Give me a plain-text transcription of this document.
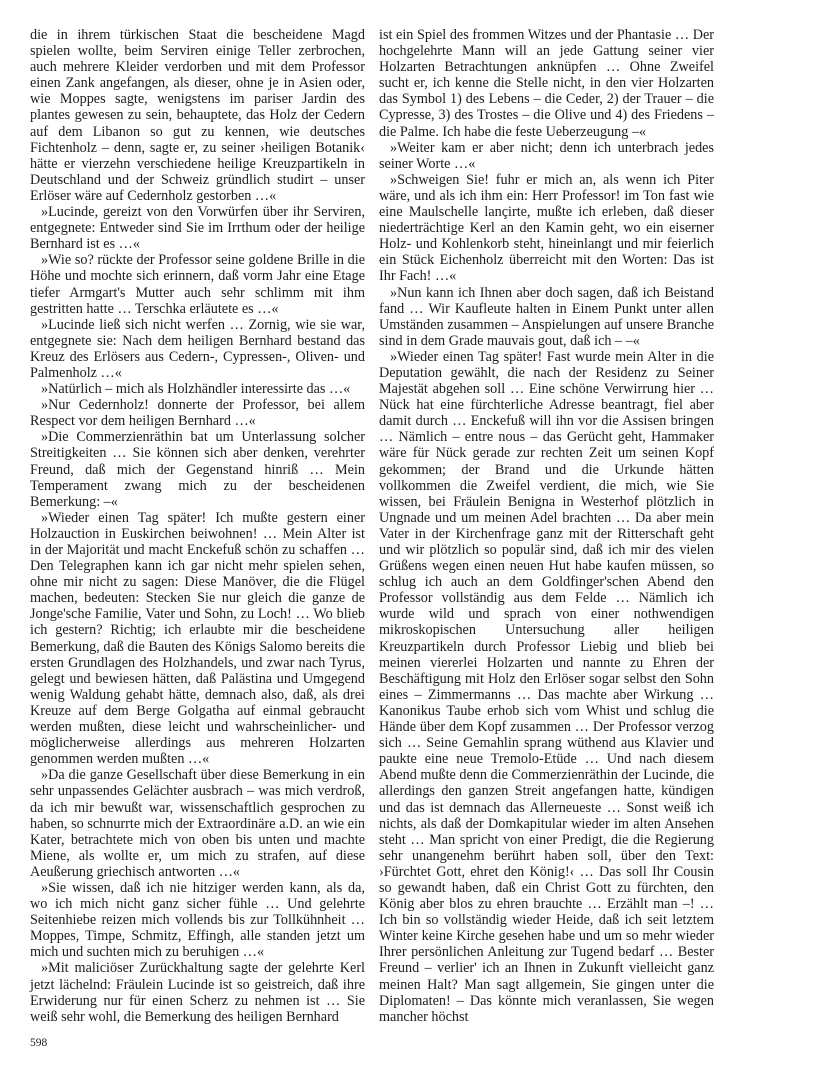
die in ihrem türkischen Staat die bescheidene Magd spielen wollte, beim Serviren einige Teller zerbrochen, auch mehrere Kleider verdorben und mit dem Professor einen Zank angefangen, als dieser, ohne je in Asien oder, wie Moppes sagte, wenigstens im pariser Jardin des plantes gewesen zu sein, behauptete, das Holz der Cedern auf dem Libanon so gut zu kennen, wie deutsches Fichtenholz – denn, sagte er, zu seiner ›heiligen Botanik‹ hätte er vierzehn verschiedene heilige Kreuzpartikeln in Deutschland und der Schweiz gründlich studirt – unser Erlöser wäre auf Cedernholz gestorben …«

»Lucinde, gereizt von den Vorwürfen über ihr Serviren, entgegnete: Entweder sind Sie im Irrthum oder der heilige Bernhard ist es …«

»Wie so? rückte der Professor seine goldene Brille in die Höhe und mochte sich erinnern, daß vorm Jahr eine Etage tiefer Armgart's Mutter auch sehr schlimm mit ihm gestritten hatte … Terschka erläutete es …«

»Lucinde ließ sich nicht werfen … Zornig, wie sie war, entgegnete sie: Nach dem heiligen Bernhard bestand das Kreuz des Erlösers aus Cedern-, Cypressen-, Oliven- und Palmenholz …«

»Natürlich – mich als Holzhändler interessirte das …«

»Nur Cedernholz! donnerte der Professor, bei allem Respect vor dem heiligen Bernhard …«

»Die Commerzienräthin bat um Unterlassung solcher Streitigkeiten … Sie können sich aber denken, verehrter Freund, daß mich der Gegenstand hinriß … Mein Temperament zwang mich zu der bescheidenen Bemerkung: –«

»Wieder einen Tag später! Ich mußte gestern einer Holzauction in Euskirchen beiwohnen! … Mein Alter ist in der Majorität und macht Enckefuß schön zu schaffen … Den Telegraphen kann ich gar nicht mehr spielen sehen, ohne mir nicht zu sagen: Diese Manöver, die die Flügel machen, bedeuten: Stecken Sie nur gleich die ganze de Jonge'sche Familie, Vater und Sohn, zu Loch! … Wo blieb ich gestern? Richtig; ich erlaubte mir die bescheidene Bemerkung, daß die Bauten des Königs Salomo bereits die ersten Grundlagen des Holzhandels, und zwar nach Tyrus, gelegt und bewiesen hätten, daß Palästina und Umgegend wenig Waldung gehabt hätte, demnach also, daß, als drei Kreuze auf dem Berge Golgatha auf einmal gebraucht werden mußten, diese leicht und wahrscheinlicher- und möglicherweise allerdings aus mehreren Holzarten genommen werden mußten …«

»Da die ganze Gesellschaft über diese Bemerkung in ein sehr unpassendes Gelächter ausbrach – was mich verdroß, da ich mir bewußt war, wissenschaftlich gesprochen zu haben, so schnurrte mich der Extraordinäre a.D. an wie ein Kater, betrachtete mich von oben bis unten und machte Miene, als wollte er, um mich zu strafen, auf diese Aeußerung griechisch antworten …«

»Sie wissen, daß ich nie hitziger werden kann, als da, wo ich mich nicht ganz sicher fühle … Und gelehrte Seitenhiebe reizen mich vollends bis zur Tollkühnheit … Moppes, Timpe, Schmitz, Effingh, alle standen jetzt um mich und suchten mich zu beruhigen …«

»Mit maliciöser Zurückhaltung sagte der gelehrte Kerl jetzt lächelnd: Fräulein Lucinde ist so geistreich, daß ihre Erwiderung nur für einen Scherz zu nehmen ist … Sie weiß sehr wohl, die Bemerkung des heiligen Bernhard

ist ein Spiel des frommen Witzes und der Phantasie … Der hochgelehrte Mann will an jede Gattung seiner vier Holzarten Betrachtungen anknüpfen … Ohne Zweifel sucht er, ich kenne die Stelle nicht, in den vier Holzarten das Symbol 1) des Lebens – die Ceder, 2) der Trauer – die Cypresse, 3) des Trostes – die Olive und 4) des Friedens – die Palme. Ich habe die feste Ueberzeugung –«

»Weiter kam er aber nicht; denn ich unterbrach jedes seiner Worte …«

»Schweigen Sie! fuhr er mich an, als wenn ich Piter wäre, und als ich ihm ein: Herr Professor! im Ton fast wie eine Maulschelle lançirte, mußte ich erleben, daß dieser niederträchtige Kerl an den Kamin geht, wo ein eiserner Holz- und Kohlenkorb steht, hineinlangt und mir feierlich ein Stück Eichenholz überreicht mit den Worten: Das ist Ihr Fach! …«

»Nun kann ich Ihnen aber doch sagen, daß ich Beistand fand … Wir Kaufleute halten in Einem Punkt unter allen Umständen zusammen – Anspielungen auf unsere Branche sind in dem Grade mauvais gout, daß ich – –«

»Wieder einen Tag später! Fast wurde mein Alter in die Deputation gewählt, die nach der Residenz zu Seiner Majestät abgehen soll … Eine schöne Verwirrung hier … Nück hat eine fürchterliche Adresse beantragt, fiel aber damit durch … Enckefuß will ihn vor die Assisen bringen … Nämlich – entre nous – das Gerücht geht, Hammaker wäre für Nück gerade zur rechten Zeit um seinen Kopf gekommen; der Brand und die Urkunde hätten vollkommen die Zweifel verdient, die mich, wie Sie wissen, bei Fräulein Benigna in Westerhof plötzlich in Ungnade und um meinen Adel brachten … Da aber mein Vater in der Kirchenfrage ganz mit der Ritterschaft geht und wir plötzlich so populär sind, daß ich mir des vielen Grüßens wegen einen neuen Hut habe kaufen müssen, so schlug ich auch an dem Goldfinger'schen Abend den Professor vollständig aus dem Felde … Nämlich ich wurde wild und sprach von einer nothwendigen mikroskopischen Untersuchung aller heiligen Kreuzpartikeln durch Professor Liebig und blieb bei meinen viererlei Holzarten und nannte zu Ehren der Beschäftigung mit Holz den Erlöser sogar selbst den Sohn eines – Zimmermanns … Das machte aber Wirkung … Kanonikus Taube erhob sich vom Whist und schlug die Hände über dem Kopf zusammen … Der Professor verzog sich … Seine Gemahlin sprang wüthend aus Klavier und paukte eine neue Tremolo-Etüde … Und nach diesem Abend mußte denn die Commerzienräthin der Lucinde, die allerdings den ganzen Streit angefangen hatte, kündigen und das ist demnach das Allerneueste … Sonst weiß ich nichts, als daß der Domkapitular wieder im alten Ansehen steht … Man spricht von einer Predigt, die die Regierung sehr unangenehm berührt haben soll, über den Text: ›Fürchtet Gott, ehret den König!‹ … Das soll Ihr Cousin so gewandt haben, daß ein Christ Gott zu fürchten, den König aber blos zu ehren brauchte … Erzählt man –! … Ich bin so vollständig wieder Heide, daß ich seit letztem Winter keine Kirche gesehen habe und um so mehr wieder Ihrer persönlichen Anleitung zur Tugend bedarf … Bester Freund – verlier' ich an Ihnen in Zukunft vielleicht ganz meinen Halt? Man sagt allgemein, Sie gingen unter die Diplomaten! – Das könnte mich veranlassen, Sie wegen mancher höchst

598
